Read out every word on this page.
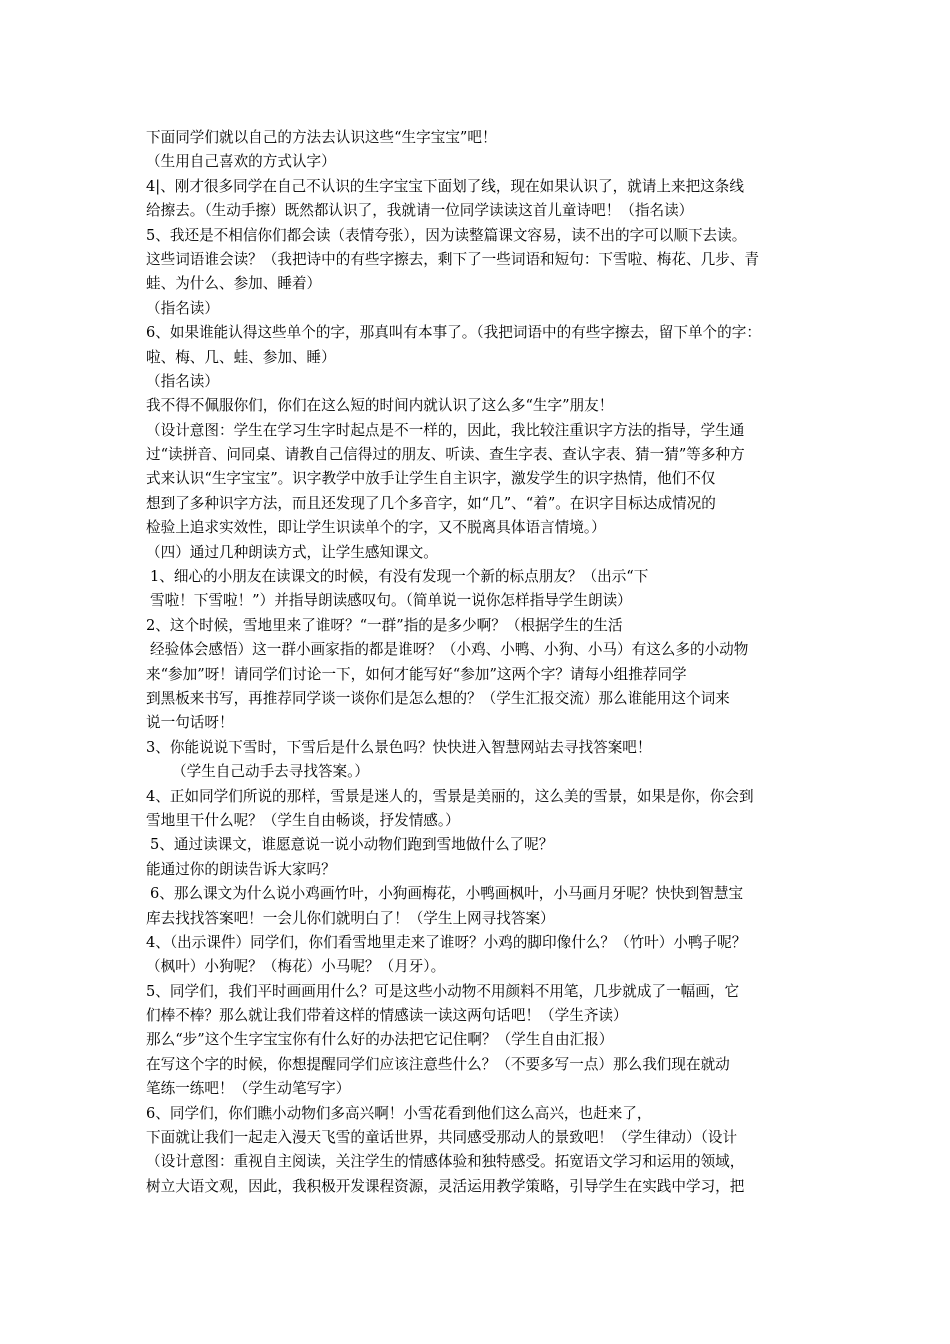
下面同学们就以自己的方法去认识这些“生字宝宝”吧！
（生用自己喜欢的方式认字）
4|、刚才很多同学在自己不认识的生字宝宝下面划了线，现在如果认识了，就请上来把这条线
给擦去。（生动手擦）既然都认识了，我就请一位同学读读这首儿童诗吧！（指名读）
5、我还是不相信你们都会读（表情夸张），因为读整篇课文容易，读不出的字可以顺下去读。
这些词语谁会读？（我把诗中的有些字擦去，剩下了一些词语和短句：下雪啦、梅花、几步、青
蛙、为什么、参加、睡着）
（指名读）
6、如果谁能认得这些单个的字，那真叫有本事了。（我把词语中的有些字擦去，留下单个的字：
啦、梅、几、蛙、参加、睡）
（指名读）
我不得不佩服你们，你们在这么短的时间内就认识了这么多“生字”朋友！
（设计意图：学生在学习生字时起点是不一样的，因此，我比较注重识字方法的指导，学生通
过“读拼音、问同桌、请教自己信得过的朋友、听读、查生字表、查认字表、猜一猜”等多种方
式来认识“生字宝宝”。识字教学中放手让学生自主识字，激发学生的识字热情，他们不仅
想到了多种识字方法，而且还发现了几个多音字，如“几”、“着”。在识字目标达成情况的
检验上追求实效性，即让学生识读单个的字，又不脱离具体语言情境。）
（四）通过几种朗读方式，让学生感知课文。
1、细心的小朋友在读课文的时候，有没有发现一个新的标点朋友？（出示“下
雪啦！下雪啦！”）并指导朗读感叹句。（简单说一说你怎样指导学生朗读）
2、这个时候，雪地里来了谁呀？“一群”指的是多少啊？（根据学生的生活
经验体会感悟）这一群小画家指的都是谁呀？（小鸡、小鸭、小狗、小马）有这么多的小动物
来“参加”呀！请同学们讨论一下，如何才能写好“参加”这两个字？请每小组推荐同学
到黑板来书写，再推荐同学谈一谈你们是怎么想的？（学生汇报交流）那么谁能用这个词来
说一句话呀！
3、你能说说下雪时，下雪后是什么景色吗？快快进入智慧网站去寻找答案吧！
（学生自己动手去寻找答案。）
4、正如同学们所说的那样，雪景是迷人的，雪景是美丽的，这么美的雪景，如果是你，你会到
雪地里干什么呢？（学生自由畅谈，抒发情感。）
5、通过读课文，谁愿意说一说小动物们跑到雪地做什么了呢？
能通过你的朗读告诉大家吗？
6、那么课文为什么说小鸡画竹叶，小狗画梅花，小鸭画枫叶，小马画月牙呢？快快到智慧宝
库去找找答案吧！一会儿你们就明白了！（学生上网寻找答案）
4、（出示课件）同学们，你们看雪地里走来了谁呀？小鸡的脚印像什么？（竹叶）小鸭子呢？
（枫叶）小狗呢？（梅花）小马呢？（月牙）。
5、同学们，我们平时画画用什么？可是这些小动物不用颜料不用笔，几步就成了一幅画，它
们棒不棒？那么就让我们带着这样的情感读一读这两句话吧！（学生齐读）
那么“步”这个生字宝宝你有什么好的办法把它记住啊？（学生自由汇报）
在写这个字的时候，你想提醒同学们应该注意些什么？（不要多写一点）那么我们现在就动
笔练一练吧！（学生动笔写字）
6、同学们，你们瞧小动物们多高兴啊！小雪花看到他们这么高兴，也赶来了，
下面就让我们一起走入漫天飞雪的童话世界，共同感受那动人的景致吧！（学生律动）（设计
（设计意图：重视自主阅读，关注学生的情感体验和独特感受。拓宽语文学习和运用的领域，
树立大语文观，因此，我积极开发课程资源，灵活运用教学策略，引导学生在实践中学习，把
